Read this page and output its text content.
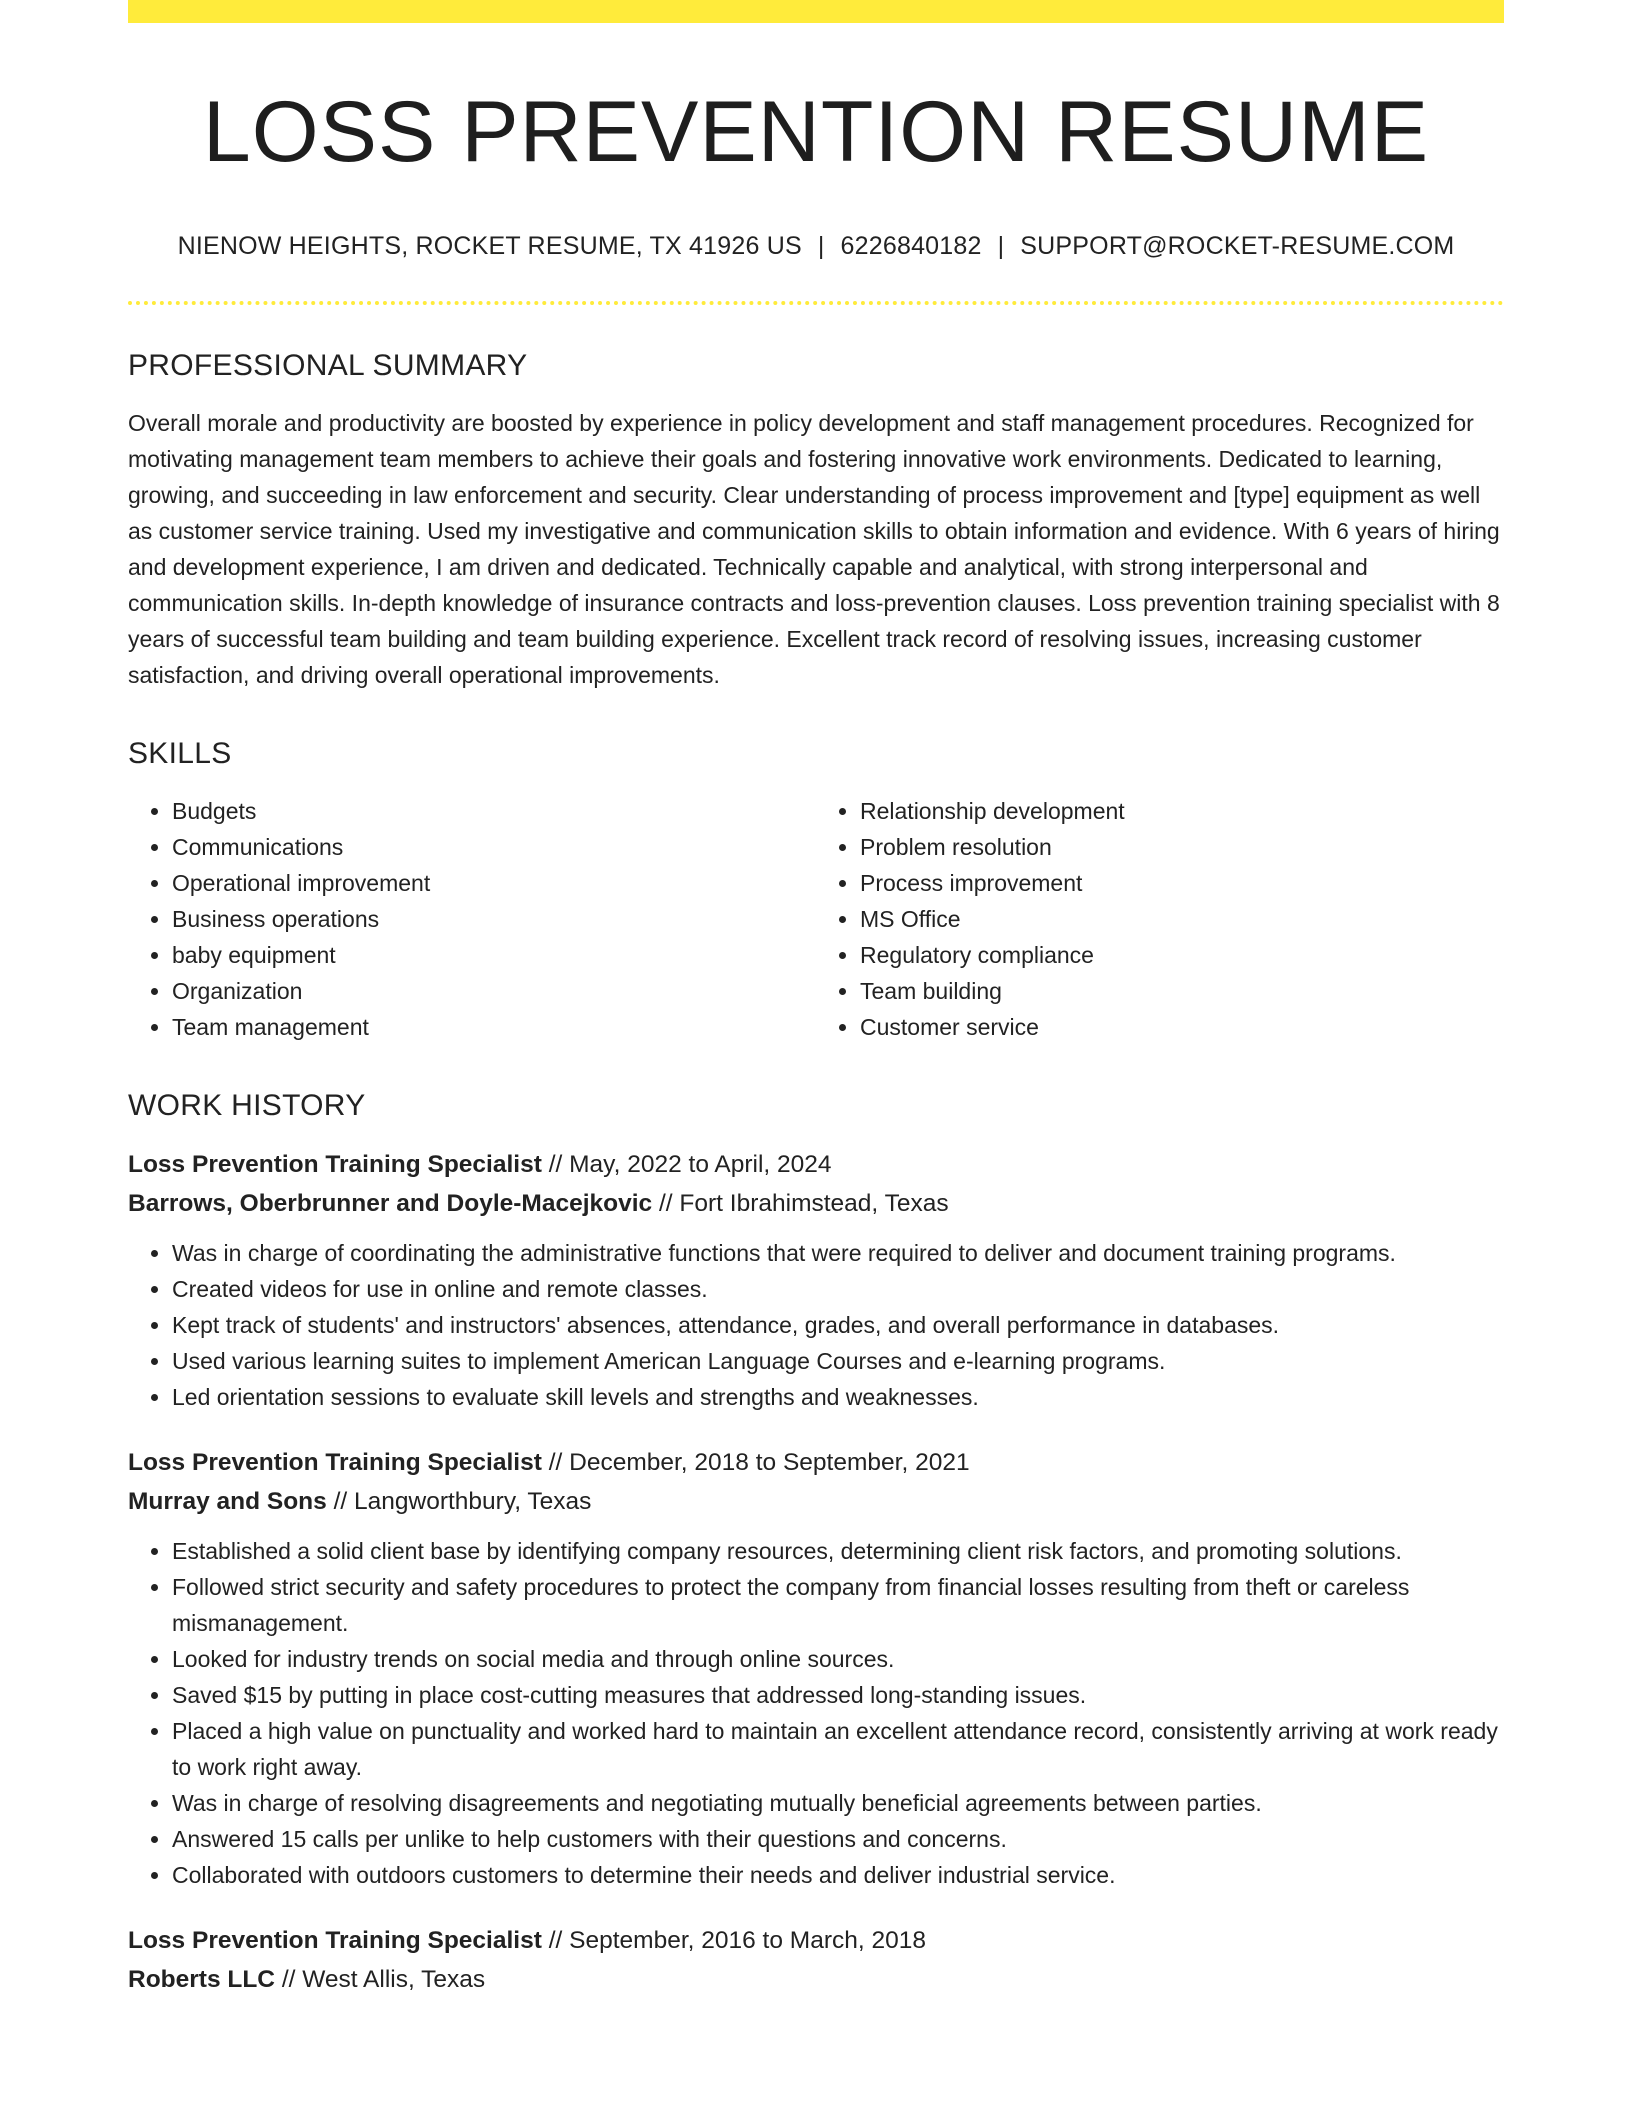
LOSS PREVENTION RESUME
NIENOW HEIGHTS, ROCKET RESUME, TX 41926 US | 6226840182 | SUPPORT@ROCKET-RESUME.COM
PROFESSIONAL SUMMARY

Overall morale and productivity are boosted by experience in policy development and staff management procedures. Recognized for motivating management team members to achieve their goals and fostering innovative work environments. Dedicated to learning, growing, and succeeding in law enforcement and security. Clear understanding of process improvement and [type] equipment as well as customer service training. Used my investigative and communication skills to obtain information and evidence. With 6 years of hiring and development experience, I am driven and dedicated. Technically capable and analytical, with strong interpersonal and communication skills. In-depth knowledge of insurance contracts and loss-prevention clauses. Loss prevention training specialist with 8 years of successful team building and team building experience. Excellent track record of resolving issues, increasing customer satisfaction, and driving overall operational improvements.

SKILLS
• Budgets
• Communications
• Operational improvement
• Business operations
• baby equipment
• Organization
• Team management
• Relationship development
• Problem resolution
• Process improvement
• MS Office
• Regulatory compliance
• Team building
• Customer service
WORK HISTORY
Loss Prevention Training Specialist // May, 2022 to April, 2024
Barrows, Oberbrunner and Doyle-Macejkovic // Fort Ibrahimstead, Texas
• Was in charge of coordinating the administrative functions that were required to deliver and document training programs.
• Created videos for use in online and remote classes.
• Kept track of students' and instructors' absences, attendance, grades, and overall performance in databases.
• Used various learning suites to implement American Language Courses and e-learning programs.
• Led orientation sessions to evaluate skill levels and strengths and weaknesses.
Loss Prevention Training Specialist // December, 2018 to September, 2021
Murray and Sons // Langworthbury, Texas
• Established a solid client base by identifying company resources, determining client risk factors, and promoting solutions.
• Followed strict security and safety procedures to protect the company from financial losses resulting from theft or careless mismanagement.
• Looked for industry trends on social media and through online sources.
• Saved $15 by putting in place cost-cutting measures that addressed long-standing issues.
• Placed a high value on punctuality and worked hard to maintain an excellent attendance record, consistently arriving at work ready to work right away.
• Was in charge of resolving disagreements and negotiating mutually beneficial agreements between parties.
• Answered 15 calls per unlike to help customers with their questions and concerns.
• Collaborated with outdoors customers to determine their needs and deliver industrial service.
Loss Prevention Training Specialist // September, 2016 to March, 2018
Roberts LLC // West Allis, Texas
